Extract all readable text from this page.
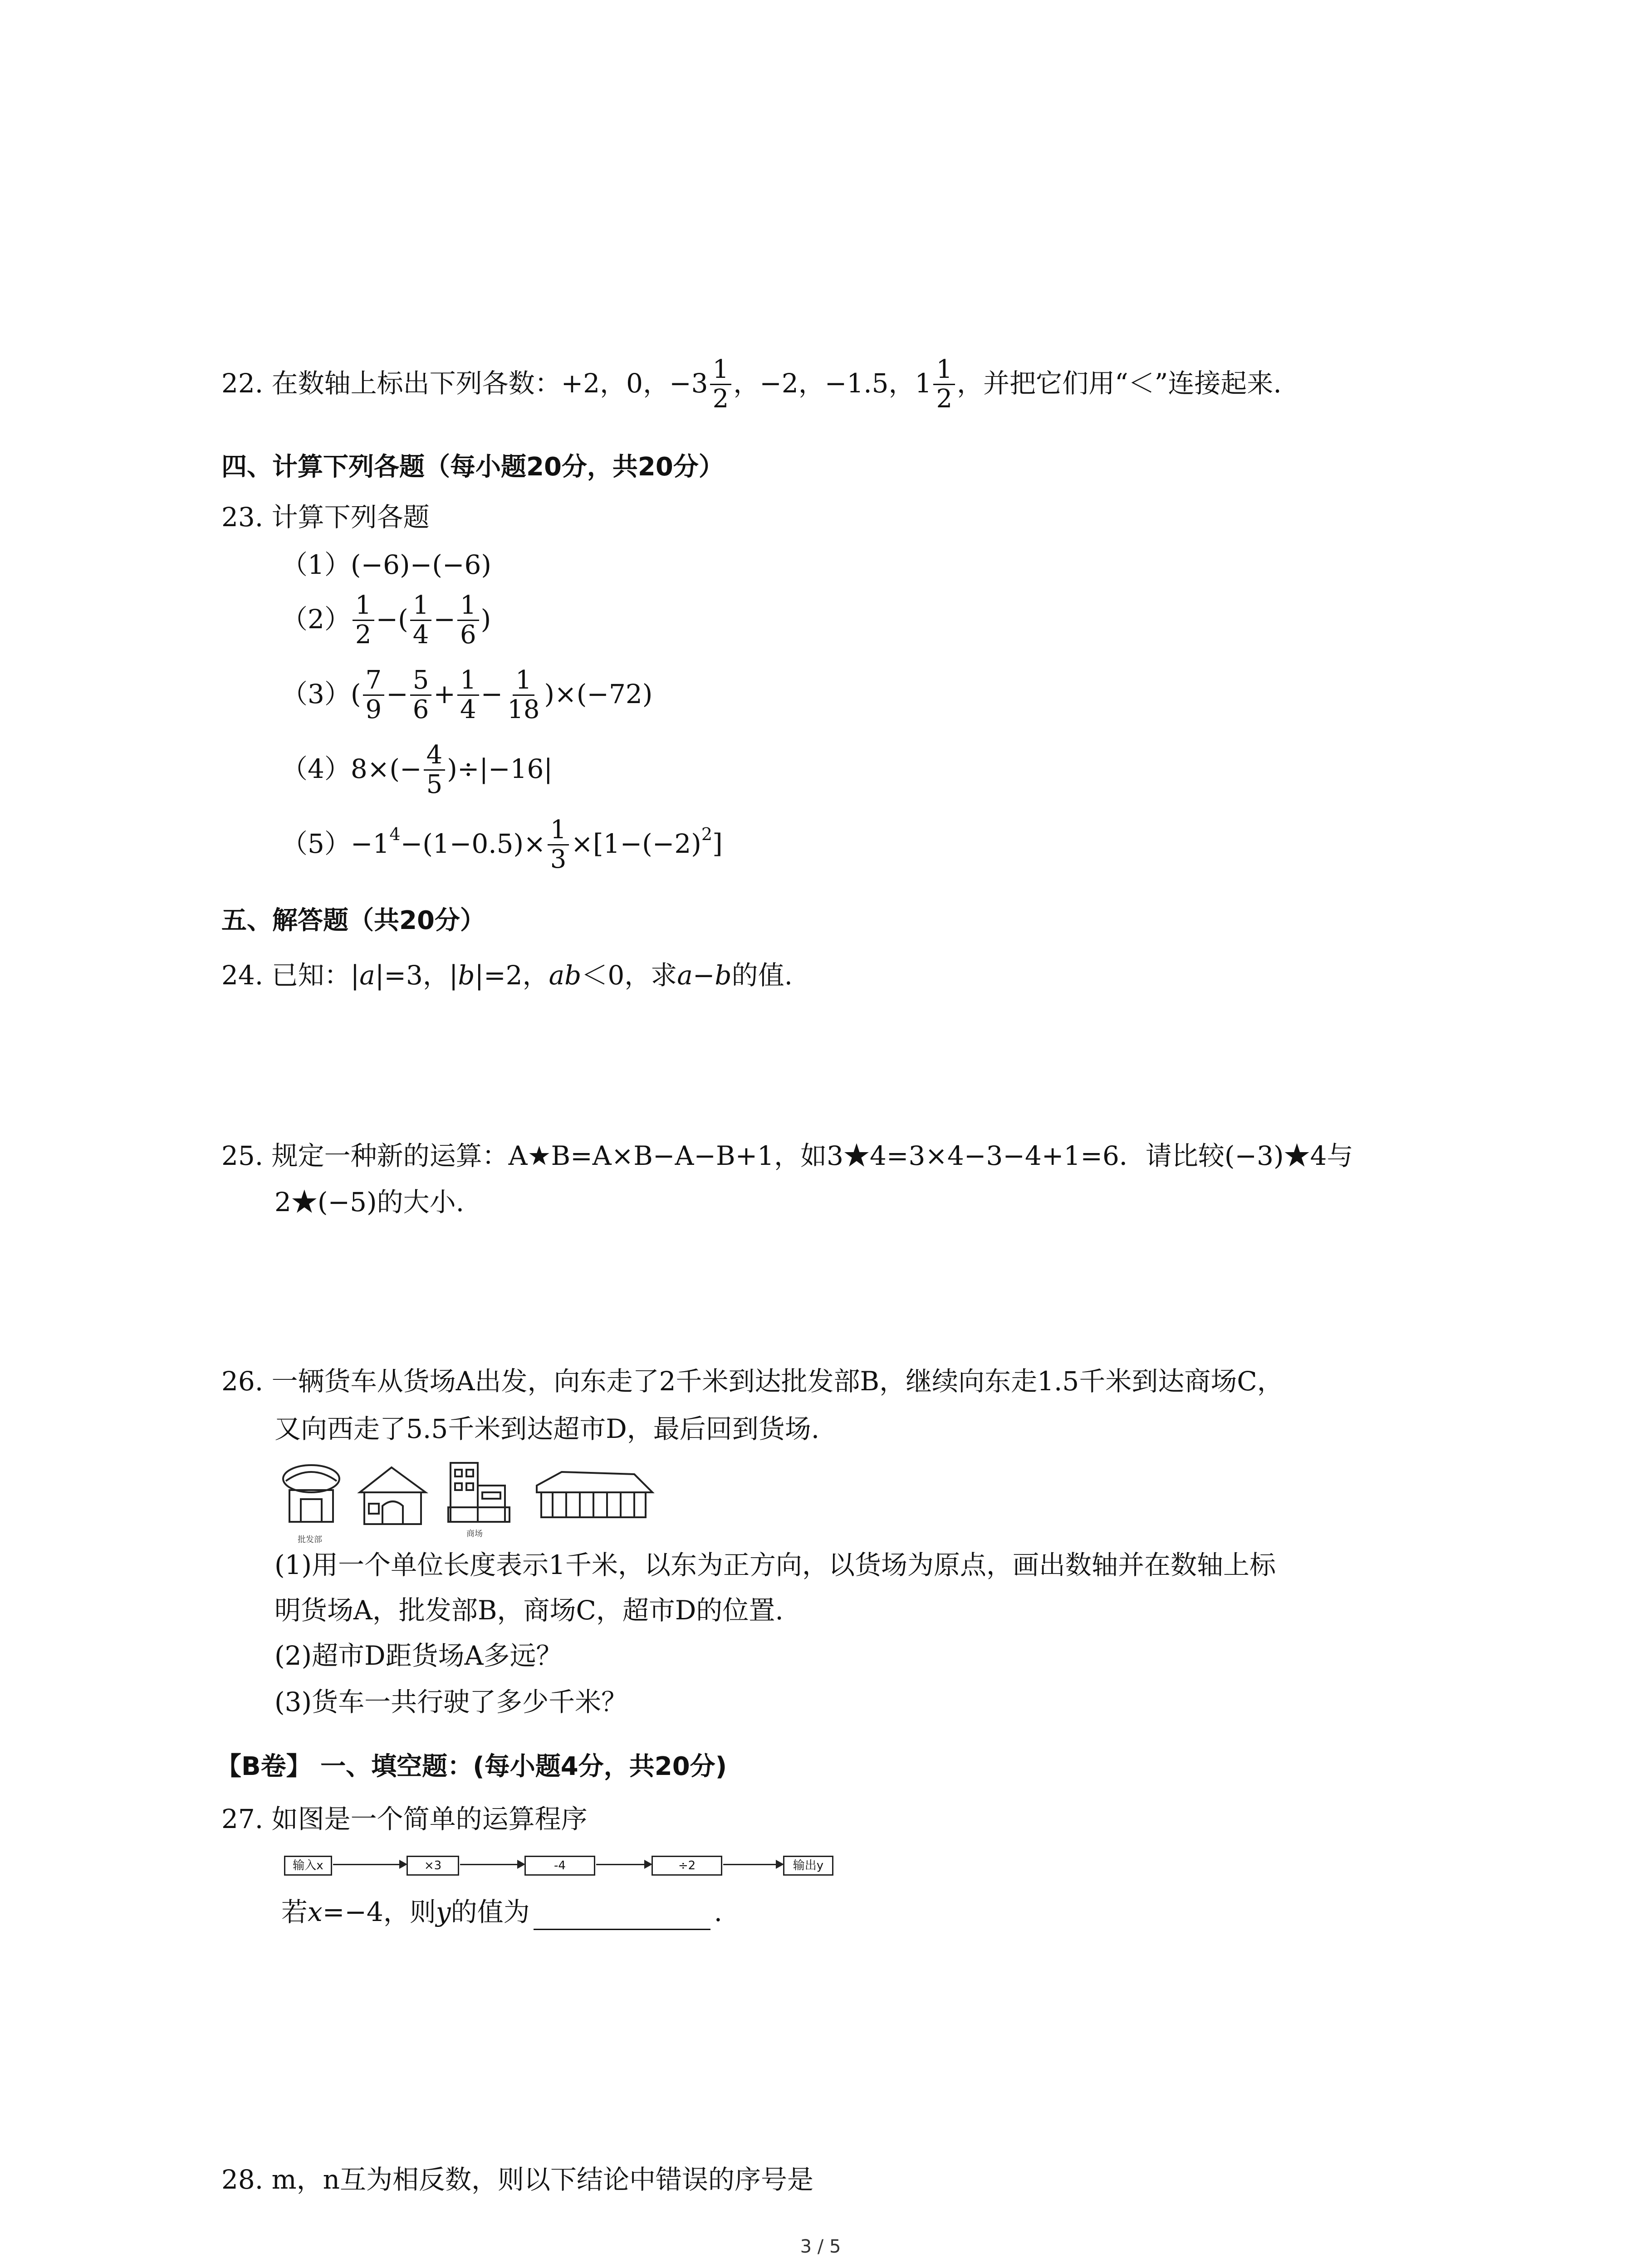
22. 在数轴上标出下列各数：+2，0，$-3 \frac{1}{2}$ ，−2，−1.5，$1 \frac{1}{2}$ ，并把它们用“＜”连接起来.
四、计算下列各题（每小题20分，共20分）
23. 计算下列各题
（1）(−6)−(−6)
$(2) \frac{1}{2}$ −( $\frac{1}{4} - \frac{1}{6}$ )
$(3)( \frac{7}{9} - \frac{5}{6} + \frac{1}{4} - \frac{1}{18} )\times(-72)$
$(4)8\times(- \frac{4}{5} )\div|-16|$
$(5)-1^4-(1-0.5)\times \frac{1}{3} \times[1-(-2)^2]$
五、解答题（共20分）
24. 已知：|a|=3，|b|=2，ab＜0，求a−b的值.
25. 规定一种新的运算：A★B=A×B−A−B+1，如3★4=3×4−3−4+1=6．请比较(−3)★4与
2★(−5)的大小.
26. 一辆货车从货场A出发，向东走了2千米到达批发部B，继续向东走1.5千米到达商场C，
又向西走了5.5千米到达超市D，最后回到货场.
批发部
商场
(1)用一个单位长度表示1千米，以东为正方向，以货场为原点，画出数轴并在数轴上标
明货场A，批发部B，商场C，超市D的位置.
(2)超市D距货场A多远？
(3)货车一共行驶了多少千米？
【B卷】 一、填空题：(每小题4分，共20分)
27. 如图是一个简单的运算程序
输入x	×3	-4	÷2	输出y
若x=−4，则y的值为	.
28. m，n互为相反数，则以下结论中错误的序号是
3 / 5
